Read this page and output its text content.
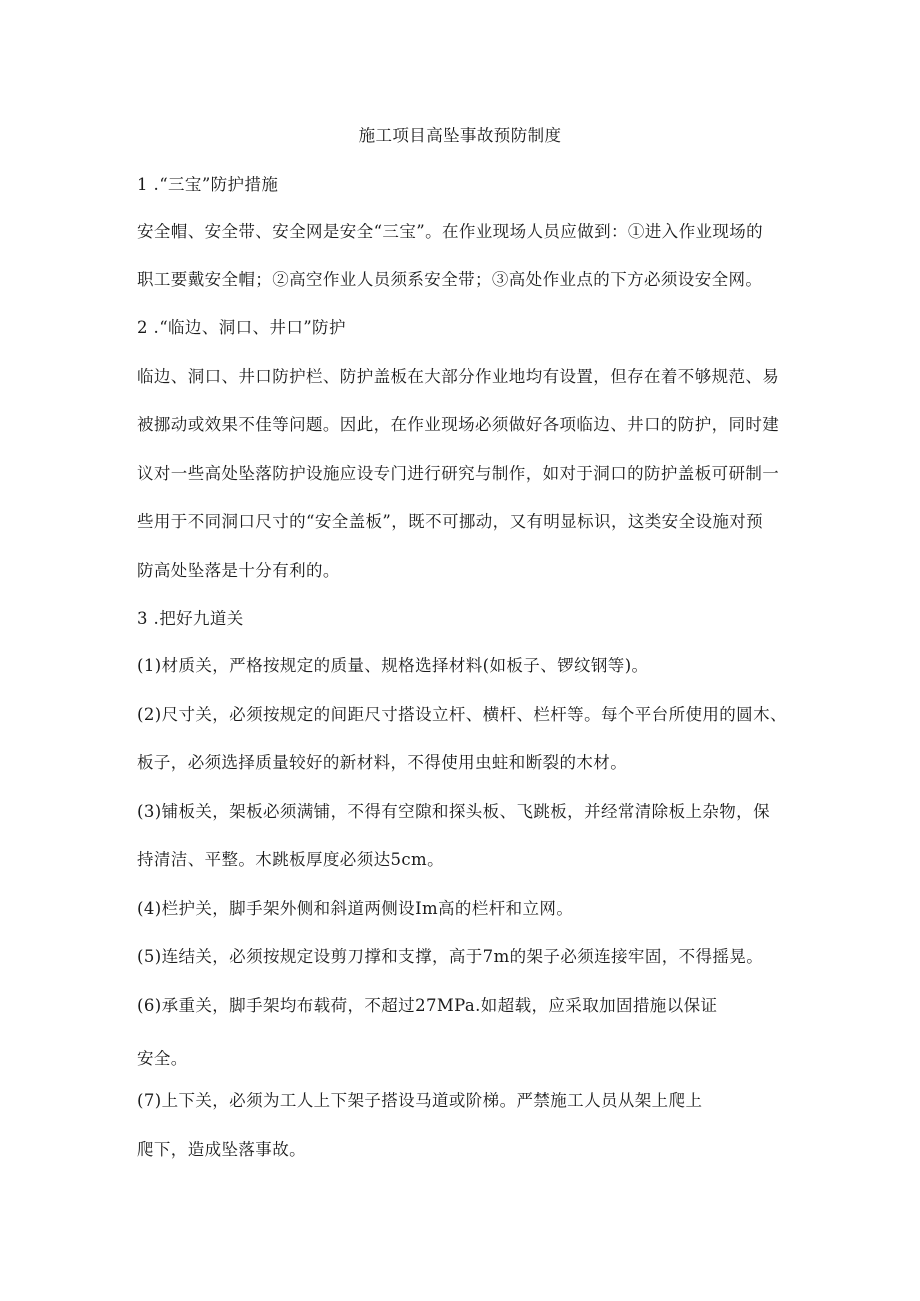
施工项目高坠事故预防制度
1 .“三宝”防护措施
安全帽、安全带、安全网是安全“三宝”。在作业现场人员应做到：①进入作业现场的
职工要戴安全帽；②高空作业人员须系安全带；③高处作业点的下方必须设安全网。
2 .“临边、洞口、井口”防护
临边、洞口、井口防护栏、防护盖板在大部分作业地均有设置，但存在着不够规范、易
被挪动或效果不佳等问题。因此，在作业现场必须做好各项临边、井口的防护，同时建
议对一些高处坠落防护设施应设专门进行研究与制作，如对于洞口的防护盖板可研制一
些用于不同洞口尺寸的“安全盖板”，既不可挪动，又有明显标识，这类安全设施对预
防高处坠落是十分有利的。
3 .把好九道关
(1)材质关，严格按规定的质量、规格选择材料(如板子、锣纹钢等)。
(2)尺寸关，必须按规定的间距尺寸搭设立杆、横杆、栏杆等。每个平台所使用的圆木、
板子，必须选择质量较好的新材料，不得使用虫蛀和断裂的木材。
(3)铺板关，架板必须满铺，不得有空隙和探头板、飞跳板，并经常清除板上杂物，保
持清洁、平整。木跳板厚度必须达5cm。
(4)栏护关，脚手架外侧和斜道两侧设Im高的栏杆和立网。
(5)连结关，必须按规定设剪刀撑和支撑，高于7m的架子必须连接牢固，不得摇晃。
(6)承重关，脚手架均布载荷，不超过27MPa.如超载，应采取加固措施以保证
安全。
(7)上下关，必须为工人上下架子搭设马道或阶梯。严禁施工人员从架上爬上
爬下，造成坠落事故。
